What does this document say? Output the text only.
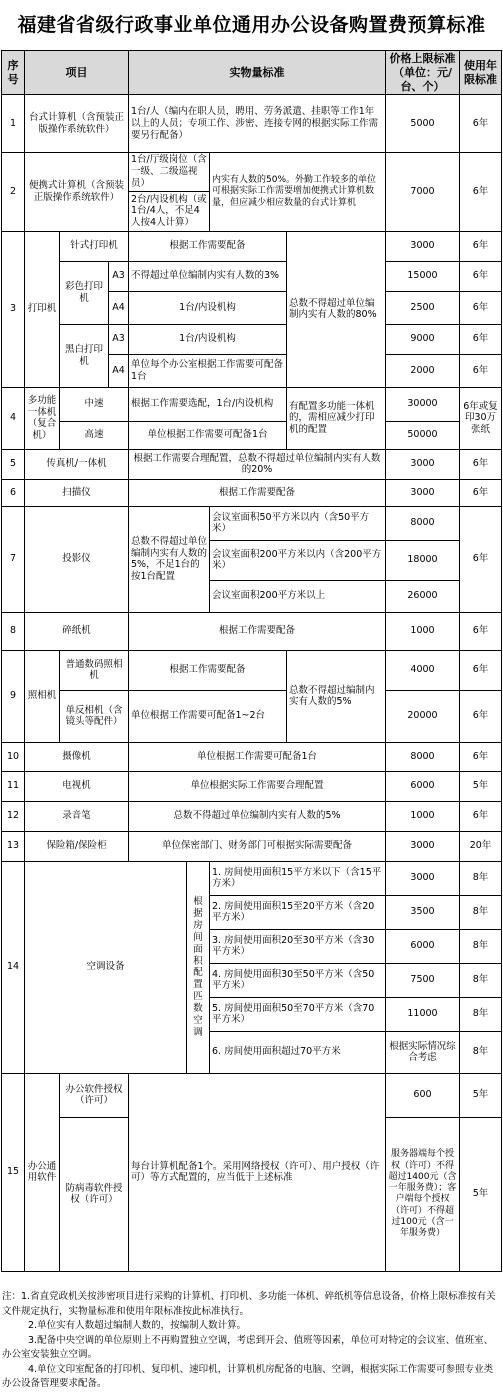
福建省省级行政事业单位通用办公设备购置费预算标准
序号	项目			实物量标准				价格上限标准（单位：元/台、个）	使用年限标准
1	台式计算机（含预装正版操作系统软件）			1台/人（编内在职人员，聘用、劳务派遣、挂职等工作1年以上的人员；专项工作、涉密、连接专网的根据实际工作需要另行配备）				5000	6年
2	便携式计算机（含预装正版操作系统软件）			1台/厅级岗位（含一级、二级巡视员）		内实有人数的50%。外勤工作较多的单位可根据实际工作需要增加便携式计算机数量，但应减少相应数量的台式计算机		7000	6年
				2台/内设机构（或1台/4人，不足4人按4人计算）					
3	打印机	针式打印机		根据工作需要配备			总数不得超过单位编制内实有人数的80%	3000	6年
		彩色打印机	A3	不得超过单位编制内实有人数的3%				15000	6年
			A4	1台/内设机构				2500	6年
		黑白打印机	A3	1台/内设机构				9000	6年
			A4	单位每个办公室根据工作需要可配备1台				2000	6年
4	多功能一体机（复合机）	中速		根据工作需要选配，1台/内设机构			有配置多功能一体机的，需相应减少打印机的配置	30000	6年或复印30万张纸
		高速		单位根据工作需要可配备1台				50000	
5	传真机/一体机			根据工作需要合理配置，总数不得超过单位编制内实有人数的20%				3000	6年
6	扫描仪			根据工作需要配备				3000	6年
7	投影仪			总数不得超过单位编制内实有人数的5%，不足1台的按1台配置		会议室面积50平方米以内（含50平方米）		8000	6年
						会议室面积200平方米以内（含200平方米）		18000	
						会议室面积200平方米以上		26000	
8	碎纸机			根据工作需要配备				1000	6年
9	照相机	普通数码照相机		根据工作需要配备			总数不得超过编制内实有人数的5%	4000	6年
		单反相机（含镜头等配件）		单位根据工作需要可配备1~2台				20000	6年
10	摄像机			单位根据工作需要可配备1台				8000	6年
11	电视机			单位根据实际工作需要合理配置				6000	5年
12	录音笔			总数不得超过单位编制内实有人数的5%				1000	6年
13	保险箱/保险柜			单位保密部门、财务部门可根据实际需要配备				3000	20年
14	空调设备				根据房间面积配置匹数空调	1. 房间使用面积15平方米以下（含15平方米）		3000	8年
						2. 房间使用面积15至20平方米（含20平方米）		3500	8年
						3. 房间使用面积20至30平方米（含30平方米）		6000	8年
						4. 房间使用面积30至50平方米（含50平方米）		7500	8年
						5. 房间使用面积50至70平方米（含70平方米）		11000	8年
						6. 房间使用面积超过70平方米		根据实际情况综合考虑	8年
15	办公通用软件	办公软件授权（许可）		每台计算机配备1个。采用网络授权（许可）、用户授权（许可）等方式配置的，应当低于上述标准				600	5年
		防病毒软件授权（许可）						服务器端每个授权（许可）不得超过1400元（含一年服务费）；客户端每个授权（许可）不得超过100元（含一年服务费）	5年
注：1.省直党政机关按涉密项目进行采购的计算机、打印机、多功能一体机、碎纸机等信息设备，价格上限标准按有关文件规定执行，实物量标准和使用年限标准按此标准执行。
2.单位实有人数超过编制人数的，按编制人数计算。
3.配备中央空调的单位原则上不再购置独立空调，考虑到开会、值班等因素，单位可对特定的会议室、值班室、办公室安装独立空调。
4.单位文印室配备的打印机、复印机、速印机，计算机机房配备的电脑、空调，根据实际工作需要可参照专业类办公设备管理要求配备。
